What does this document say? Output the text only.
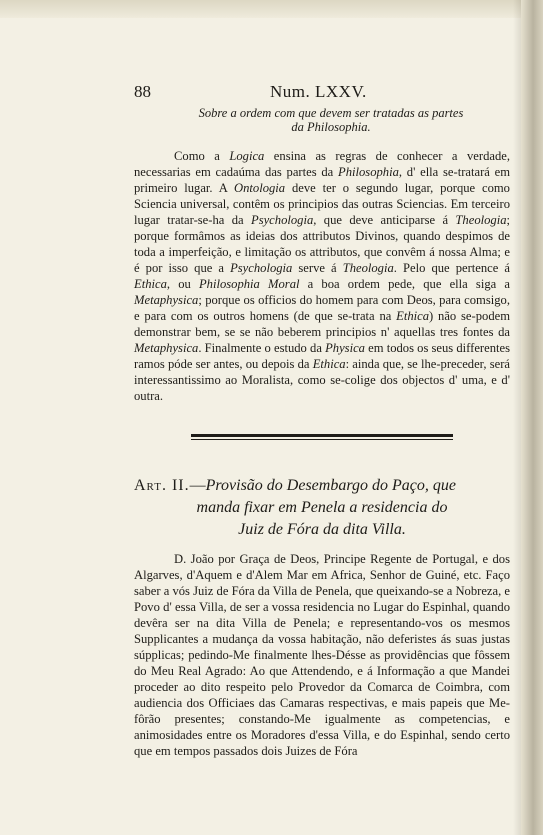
88	Num. LXXV.
Sobre a ordem com que devem ser tratadas as partes
da Philosophia.

Como a Logica ensina as regras de conhecer a verdade, necessarias em cadaúma das partes da Philosophia, d' ella se-tratará em primeiro lugar. A Ontologia deve ter o segundo lugar, porque como Sciencia universal, contêm os principios das outras Sciencias. Em terceiro lugar tratar-se-ha da Psychologia, que deve anticiparse á Theologia; porque formâmos as ideias dos attributos Divinos, quando despimos de toda a imperfeição, e limitação os attributos, que convêm á nossa Alma; e é por isso que a Psychologia serve á Theologia. Pelo que pertence á Ethica, ou Philosophia Moral a boa ordem pede, que ella siga a Metaphysica; porque os officios do homem para com Deos, para comsigo, e para com os outros homens (de que se-trata na Ethica) não se-podem demonstrar bem, se se não beberem principios n' aquellas tres fontes da Metaphysica. Finalmente o estudo da Physica em todos os seus differentes ramos póde ser antes, ou depois da Ethica: ainda que, se lhe-preceder, será interessantissimo ao Moralista, como se-colige dos objectos d' uma, e d' outra.

Art. II.—Provisão do Desembargo do Paço, que
manda fixar em Penela a residencia do
Juiz de Fóra da dita Villa.

D. João por Graça de Deos, Principe Regente de Portugal, e dos Algarves, d'Aquem e d'Alem Mar em Africa, Senhor de Guiné, etc. Faço saber a vós Juiz de Fóra da Villa de Penela, que queixando-se a Nobreza, e Povo d' essa Villa, de ser a vossa residencia no Lugar do Espinhal, quando devêra ser na dita Villa de Penela; e representando-vos os mesmos Supplicantes a mudança da vossa habitação, não deferistes ás suas justas súpplicas; pedindo-Me finalmente lhes-Désse as providências que fôssem do Meu Real Agrado: Ao que Attendendo, e á Informação a que Mandei proceder ao dito respeito pelo Provedor da Comarca de Coimbra, com audiencia dos Officiaes das Camaras respectivas, e mais papeis que Me-fôrão presentes; constando-Me igualmente as competencias, e animosidades entre os Moradores d'essa Villa, e do Espinhal, sendo certo que em tempos passados dois Juizes de Fóra
